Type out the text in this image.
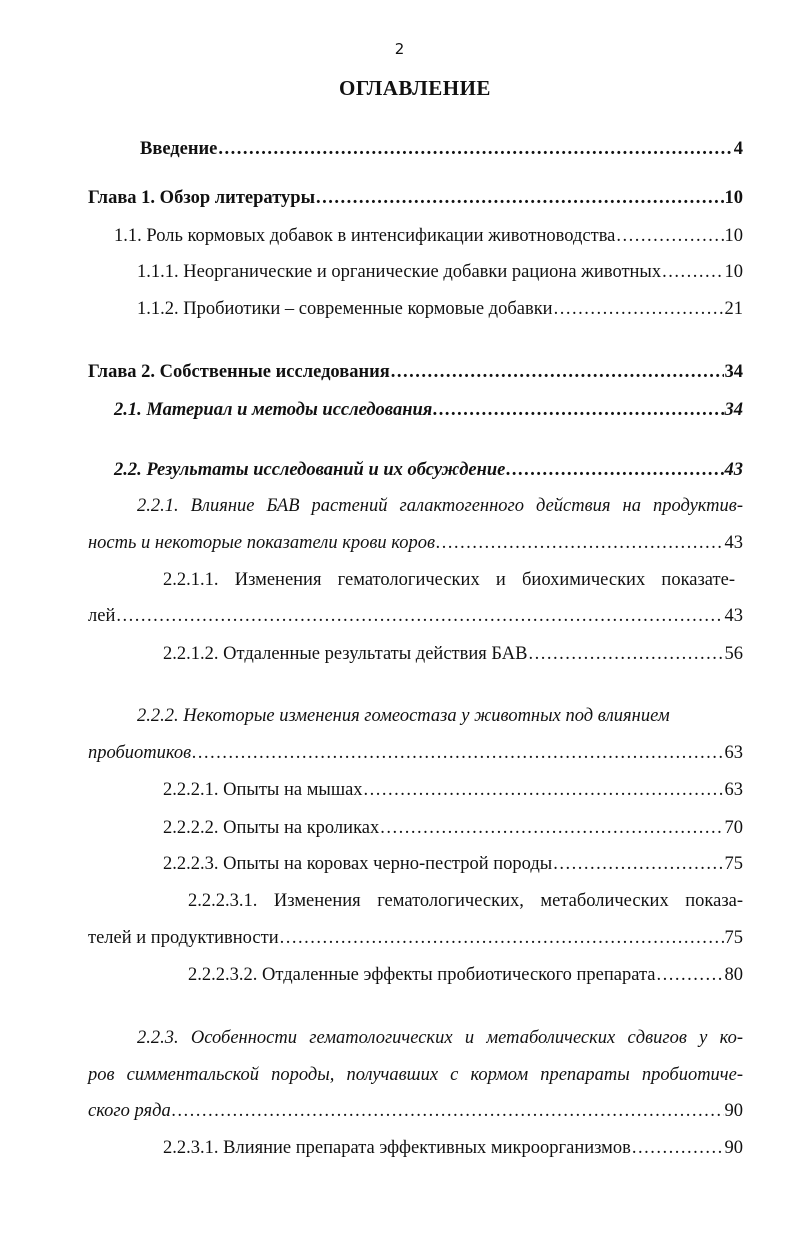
2
ОГЛАВЛЕНИЕ
Введение .....	4
Глава 1. Обзор литературы .....	10
1.1. Роль кормовых добавок в интенсификации животноводства .....	10
1.1.1. Неорганические и органические добавки рациона животных .....	10
1.1.2. Пробиотики – современные кормовые добавки .....	21
Глава 2. Собственные исследования .....	34
2.1. Материал и методы исследования .....	34
2.2. Результаты исследований и их обсуждение .....	43
2.2.1. Влияние БАВ растений галактогенного действия на продуктив-
ность и некоторые показатели крови коров .....	43
2.2.1.1. Изменения гематологических и биохимических показате-
лей .....	43
2.2.1.2. Отдаленные результаты действия БАВ .....	56
2.2.2. Некоторые изменения гомеостаза у животных под влиянием
пробиотиков .....	63
2.2.2.1. Опыты на мышах .....	63
2.2.2.2. Опыты на кроликах .....	70
2.2.2.3. Опыты на коровах черно-пестрой породы .....	75
2.2.2.3.1. Изменения гематологических, метаболических показа-
телей и продуктивности .....	75
2.2.2.3.2. Отдаленные эффекты пробиотического препарата .....	80
2.2.3. Особенности гематологических и метаболических сдвигов у ко-
ров симментальской породы, получавших с кормом препараты пробиотиче-
ского ряда .....	90
2.2.3.1. Влияние препарата эффективных микроорганизмов .....	90
